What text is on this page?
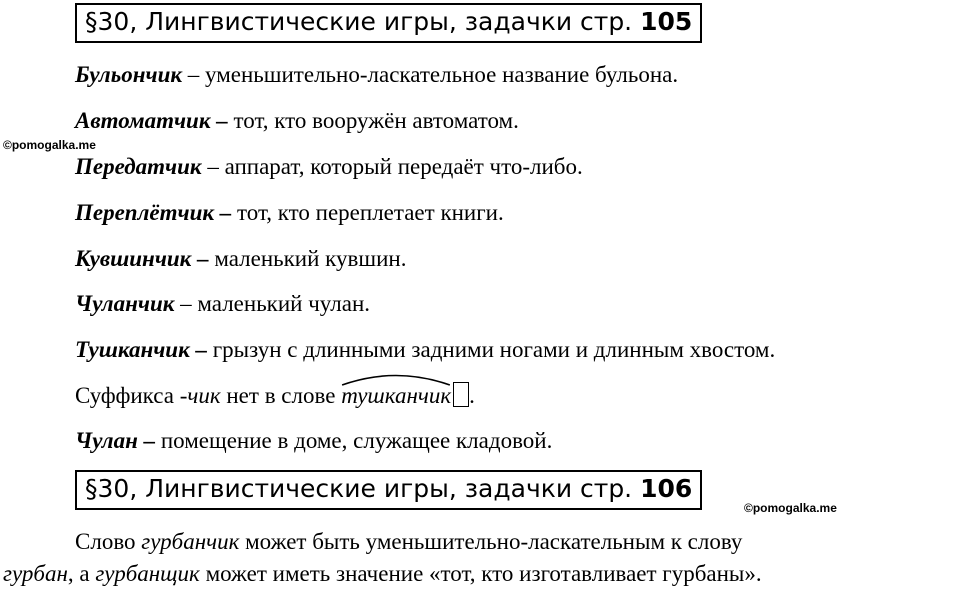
§30, Лингвистические игры, задачки стр. 105
©pomogalka.me
Бульончик – уменьшительно-ласкательное название бульона.
Автоматчик – тот, кто вооружён автоматом.
Передатчик – аппарат, который передаёт что-либо.
Переплётчик – тот, кто переплетает книги.
Кувшинчик – маленький кувшин.
Чуланчик – маленький чулан.
Тушканчик – грызун с длинными задними ногами и длинным хвостом.
Суффикса -чик нет в слове
тушканчик .
Чулан – помещение в доме, служащее кладовой.
§30, Лингвистические игры, задачки стр. 106
©pomogalka.me
Слово гурбанчик может быть уменьшительно-ласкательным к слову
гурбан, а гурбанщик может иметь значение «тот, кто изготавливает гурбаны».
